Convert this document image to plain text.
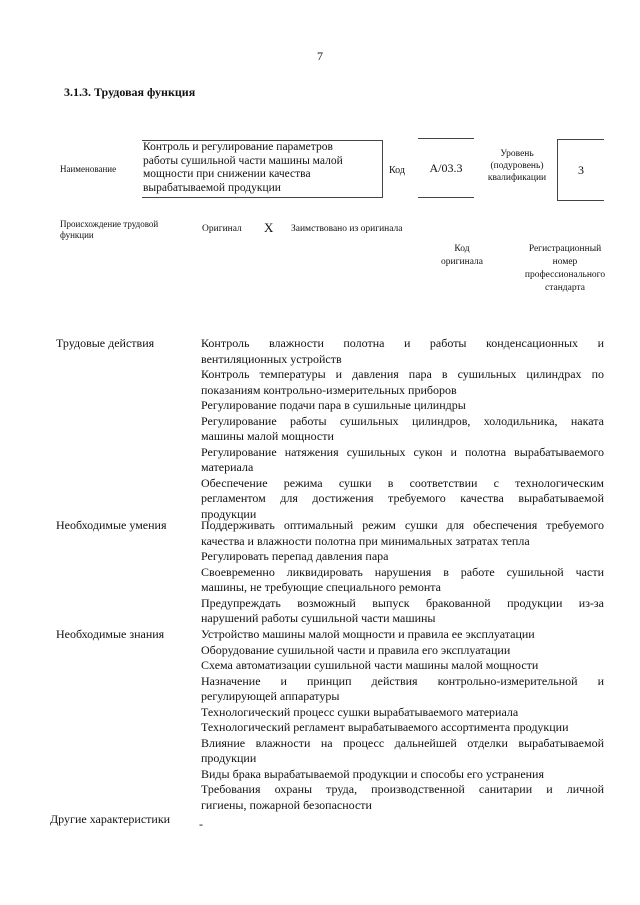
7
3.1.3. Трудовая функция
Наименование
Контроль и регулирование параметров
работы сушильной части машины малой
мощности при снижении качества
вырабатываемой продукции
Код	А/03.3
Уровень
(подуровень)
квалификации
3
Происхождение трудовой
функции
Оригинал X Заимствовано из оригинала
Код
оригинала
Регистрационный
номер
профессионального
стандарта
Трудовые действия	Контроль влажности полотна и работы конденсационных и
вентиляционных устройств
Контроль температуры и давления пара в сушильных цилиндрах по
показаниям контрольно-измерительных приборов
Регулирование подачи пара в сушильные цилиндры
Регулирование работы сушильных цилиндров, холодильника, наката
машины малой мощности
Регулирование натяжения сушильных сукон и полотна вырабатываемого
материала
Обеспечение режима сушки в соответствии с технологическим
регламентом для достижения требуемого качества вырабатываемой
продукции
Необходимые умения	Поддерживать оптимальный режим сушки для обеспечения требуемого
качества и влажности полотна при минимальных затратах тепла
Регулировать перепад давления пара
Своевременно ликвидировать нарушения в работе сушильной части
машины, не требующие специального ремонта
Предупреждать возможный выпуск бракованной продукции из-за
нарушений работы сушильной части машины
Необходимые знания	Устройство машины малой мощности и правила ее эксплуатации
Оборудование сушильной части и правила его эксплуатации
Схема автоматизации сушильной части машины малой мощности
Назначение и принцип действия контрольно-измерительной и
регулирующей аппаратуры
Технологический процесс сушки вырабатываемого материала
Технологический регламент вырабатываемого ассортимента продукции
Влияние влажности на процесс дальнейшей отделки вырабатываемой
продукции
Виды брака вырабатываемой продукции и способы его устранения
Требования охраны труда, производственной санитарии и личной
гигиены, пожарной безопасности
Другие характеристики -
